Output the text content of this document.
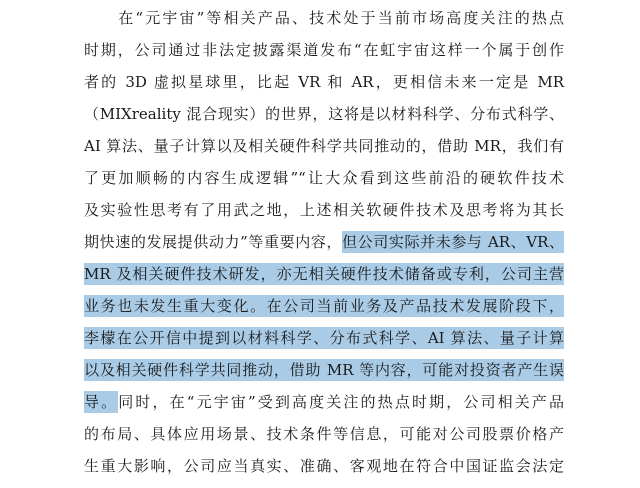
　　在“元宇宙”等相关产品、技术处于当前市场高度关注的热点
时期，公司通过非法定披露渠道发布“在虹宇宙这样一个属于创作
者的 3D 虚拟星球里，比起 VR 和 AR，更相信未来一定是 MR
（MIXreality 混合现实）的世界，这将是以材料科学、分布式科学、
AI 算法、量子计算以及相关硬件科学共同推动的，借助 MR，我们有
了更加顺畅的内容生成逻辑”“让大众看到这些前沿的硬软件技术
及实验性思考有了用武之地，上述相关软硬件技术及思考将为其长
期快速的发展提供动力”等重要内容，但公司实际并未参与 AR、VR、
MR 及相关硬件技术研发，亦无相关硬件技术储备或专利，公司主营
业务也未发生重大变化。在公司当前业务及产品技术发展阶段下，
李檬在公开信中提到以材料科学、分布式科学、AI 算法、量子计算
以及相关硬件科学共同推动，借助 MR 等内容，可能对投资者产生误
导。同时，在“元宇宙”受到高度关注的热点时期，公司相关产品
的布局、具体应用场景、技术条件等信息，可能对公司股票价格产
生重大影响，公司应当真实、准确、客观地在符合中国证监会法定
